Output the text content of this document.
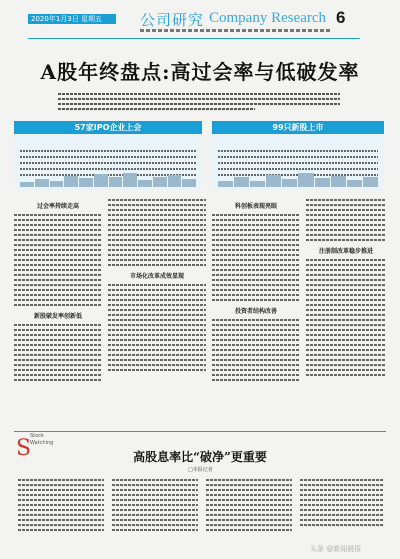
2020年1月3日 星期五	公司研究 Company Research 6
A股年终盘点:高过会率与低破发率
57家IPO企业上会	99只新股上市
过会率持续走高
新股破发率创新低
市场化改革成效显现
科创板表现亮眼
投资者结构改善
注册制改革稳步推进
S
Stock
Watching
高股息率比“破净”更重要
□本报记者
头条 @新闻晨报
